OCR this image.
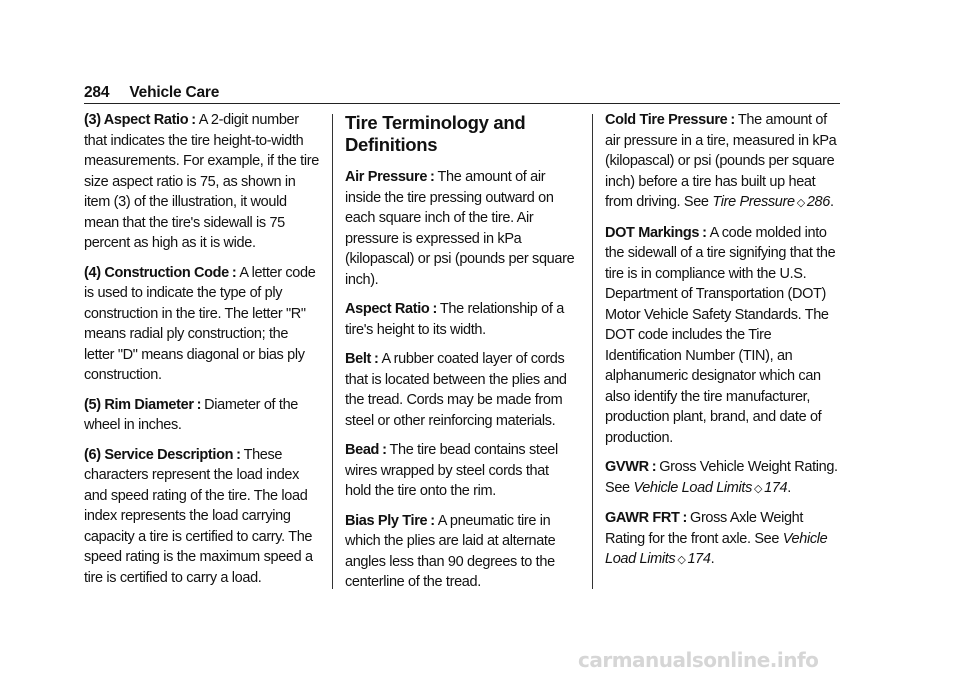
284 Vehicle Care

(3) Aspect Ratio : A 2-digit number that indicates the tire height-to-width measurements. For example, if the tire size aspect ratio is 75, as shown in item (3) of the illustration, it would mean that the tire's sidewall is 75 percent as high as it is wide.

(4) Construction Code : A letter code is used to indicate the type of ply construction in the tire. The letter "R" means radial ply construction; the letter "D" means diagonal or bias ply construction.

(5) Rim Diameter : Diameter of the wheel in inches.

(6) Service Description : These characters represent the load index and speed rating of the tire. The load index represents the load carrying capacity a tire is certified to carry. The speed rating is the maximum speed a tire is certified to carry a load.

Tire Terminology and Definitions

Air Pressure : The amount of air inside the tire pressing outward on each square inch of the tire. Air pressure is expressed in kPa (kilopascal) or psi (pounds per square inch).

Aspect Ratio : The relationship of a tire's height to its width.

Belt : A rubber coated layer of cords that is located between the plies and the tread. Cords may be made from steel or other reinforcing materials.

Bead : The tire bead contains steel wires wrapped by steel cords that hold the tire onto the rim.

Bias Ply Tire : A pneumatic tire in which the plies are laid at alternate angles less than 90 degrees to the centerline of the tread.

Cold Tire Pressure : The amount of air pressure in a tire, measured in kPa (kilopascal) or psi (pounds per square inch) before a tire has built up heat from driving. See Tire Pressure ◇ 286.

DOT Markings : A code molded into the sidewall of a tire signifying that the tire is in compliance with the U.S. Department of Transportation (DOT) Motor Vehicle Safety Standards. The DOT code includes the Tire Identification Number (TIN), an alphanumeric designator which can also identify the tire manufacturer, production plant, brand, and date of production.

GVWR : Gross Vehicle Weight Rating. See Vehicle Load Limits ◇ 174.

GAWR FRT : Gross Axle Weight Rating for the front axle. See Vehicle Load Limits ◇ 174.

carmanualsonline.info
